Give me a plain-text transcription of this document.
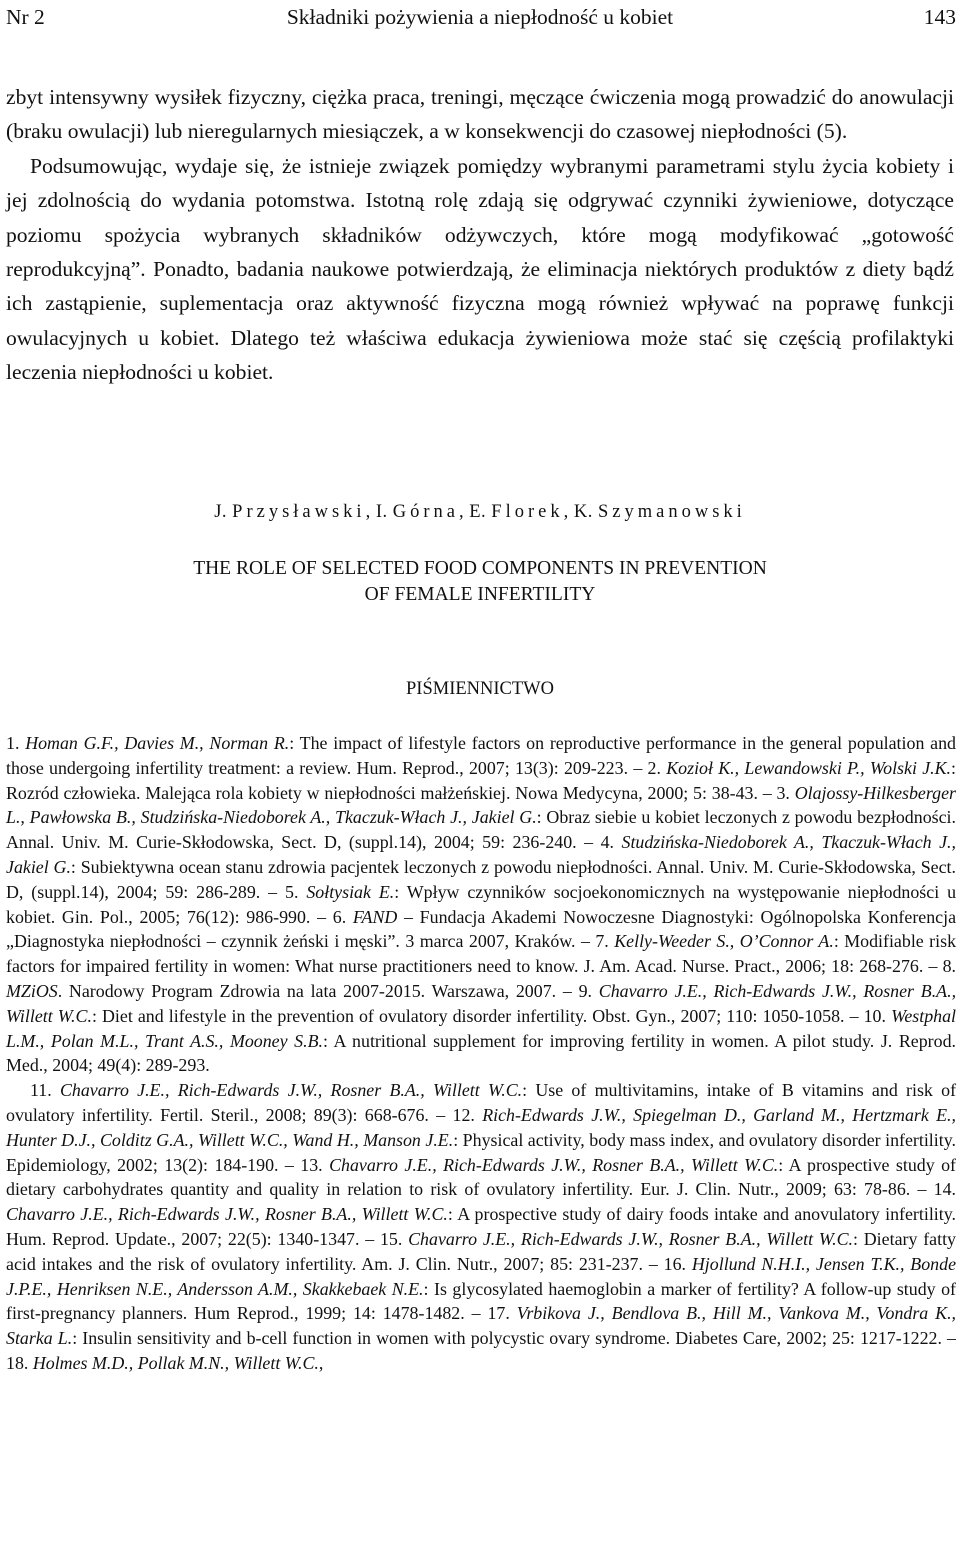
Nr 2	Składniki pożywienia a niepłodność u kobiet	143

zbyt intensywny wysiłek fizyczny, ciężka praca, treningi, męczące ćwiczenia mogą prowadzić do anowulacji (braku owulacji) lub nieregularnych miesiączek, a w konsekwencji do czasowej niepłodności (5).

Podsumowując, wydaje się, że istnieje związek pomiędzy wybranymi parametrami stylu życia kobiety i jej zdolnością do wydania potomstwa. Istotną rolę zdają się odgrywać czynniki żywieniowe, dotyczące poziomu spożycia wybranych składników odżywczych, które mogą modyfikować „gotowość reprodukcyjną”. Ponadto, badania naukowe potwierdzają, że eliminacja niektórych produktów z diety bądź ich zastąpienie, suplementacja oraz aktywność fizyczna mogą również wpływać na poprawę funkcji owulacyjnych u kobiet. Dlatego też właściwa edukacja żywieniowa może stać się częścią profilaktyki leczenia niepłodności u kobiet.

J. Przysławski, I. Górna, E. Florek, K. Szymanowski
THE ROLE OF SELECTED FOOD COMPONENTS IN PREVENTION
OF FEMALE INFERTILITY
PIŚMIENNICTWO

1. Homan G.F., Davies M., Norman R.: The impact of lifestyle factors on reproductive performance in the general population and those undergoing infertility treatment: a review. Hum. Reprod., 2007; 13(3): 209-223. – 2. Kozioł K., Lewandowski P., Wolski J.K.: Rozród człowieka. Malejąca rola kobiety w niepłodności małżeńskiej. Nowa Medycyna, 2000; 5: 38-43. – 3. Olajossy-Hilkesberger L., Pawłowska B., Studzińska-Niedoborek A., Tkaczuk-Włach J., Jakiel G.: Obraz siebie u kobiet leczonych z powodu bezpłodności. Annal. Univ. M. Curie-Skłodowska, Sect. D, (suppl.14), 2004; 59: 236-240. – 4. Studzińska-Niedoborek A., Tkaczuk-Włach J., Jakiel G.: Subiektywna ocean stanu zdrowia pacjentek leczonych z powodu niepłodności. Annal. Univ. M. Curie-Skłodowska, Sect. D, (suppl.14), 2004; 59: 286-289. – 5. Sołtysiak E.: Wpływ czynników socjoekonomicznych na występowanie niepłodności u kobiet. Gin. Pol., 2005; 76(12): 986-990. – 6. FAND – Fundacja Akademi Nowoczesne Diagnostyki: Ogólnopolska Konferencja „Diagnostyka niepłodności – czynnik żeński i męski”. 3 marca 2007, Kraków. – 7. Kelly-Weeder S., O’Connor A.: Modifiable risk factors for impaired fertility in women: What nurse practitioners need to know. J. Am. Acad. Nurse. Pract., 2006; 18: 268-276. – 8. MZiOS. Narodowy Program Zdrowia na lata 2007-2015. Warszawa, 2007. – 9. Chavarro J.E., Rich-Edwards J.W., Rosner B.A., Willett W.C.: Diet and lifestyle in the prevention of ovulatory disorder infertility. Obst. Gyn., 2007; 110: 1050-1058. – 10. Westphal L.M., Polan M.L., Trant A.S., Mooney S.B.: A nutritional supplement for improving fertility in women. A pilot study. J. Reprod. Med., 2004; 49(4): 289-293.

11. Chavarro J.E., Rich-Edwards J.W., Rosner B.A., Willett W.C.: Use of multivitamins, intake of B vitamins and risk of ovulatory infertility. Fertil. Steril., 2008; 89(3): 668-676. – 12. Rich-Edwards J.W., Spiegelman D., Garland M., Hertzmark E., Hunter D.J., Colditz G.A., Willett W.C., Wand H., Manson J.E.: Physical activity, body mass index, and ovulatory disorder infertility. Epidemiology, 2002; 13(2): 184-190. – 13. Chavarro J.E., Rich-Edwards J.W., Rosner B.A., Willett W.C.: A prospective study of dietary carbohydrates quantity and quality in relation to risk of ovulatory infertility. Eur. J. Clin. Nutr., 2009; 63: 78-86. – 14. Chavarro J.E., Rich-Edwards J.W., Rosner B.A., Willett W.C.: A prospective study of dairy foods intake and anovulatory infertility. Hum. Reprod. Update., 2007; 22(5): 1340-1347. – 15. Chavarro J.E., Rich-Edwards J.W., Rosner B.A., Willett W.C.: Dietary fatty acid intakes and the risk of ovulatory infertility. Am. J. Clin. Nutr., 2007; 85: 231-237. – 16. Hjollund N.H.I., Jensen T.K., Bonde J.P.E., Henriksen N.E., Andersson A.M., Skakkebaek N.E.: Is glycosylated haemoglobin a marker of fertility? A follow-up study of first-pregnancy planners. Hum Reprod., 1999; 14: 1478-1482. – 17. Vrbikova J., Bendlova B., Hill M., Vankova M., Vondra K., Starka L.: Insulin sensitivity and b-cell function in women with polycystic ovary syndrome. Diabetes Care, 2002; 25: 1217-1222. – 18. Holmes M.D., Pollak M.N., Willett W.C.,
